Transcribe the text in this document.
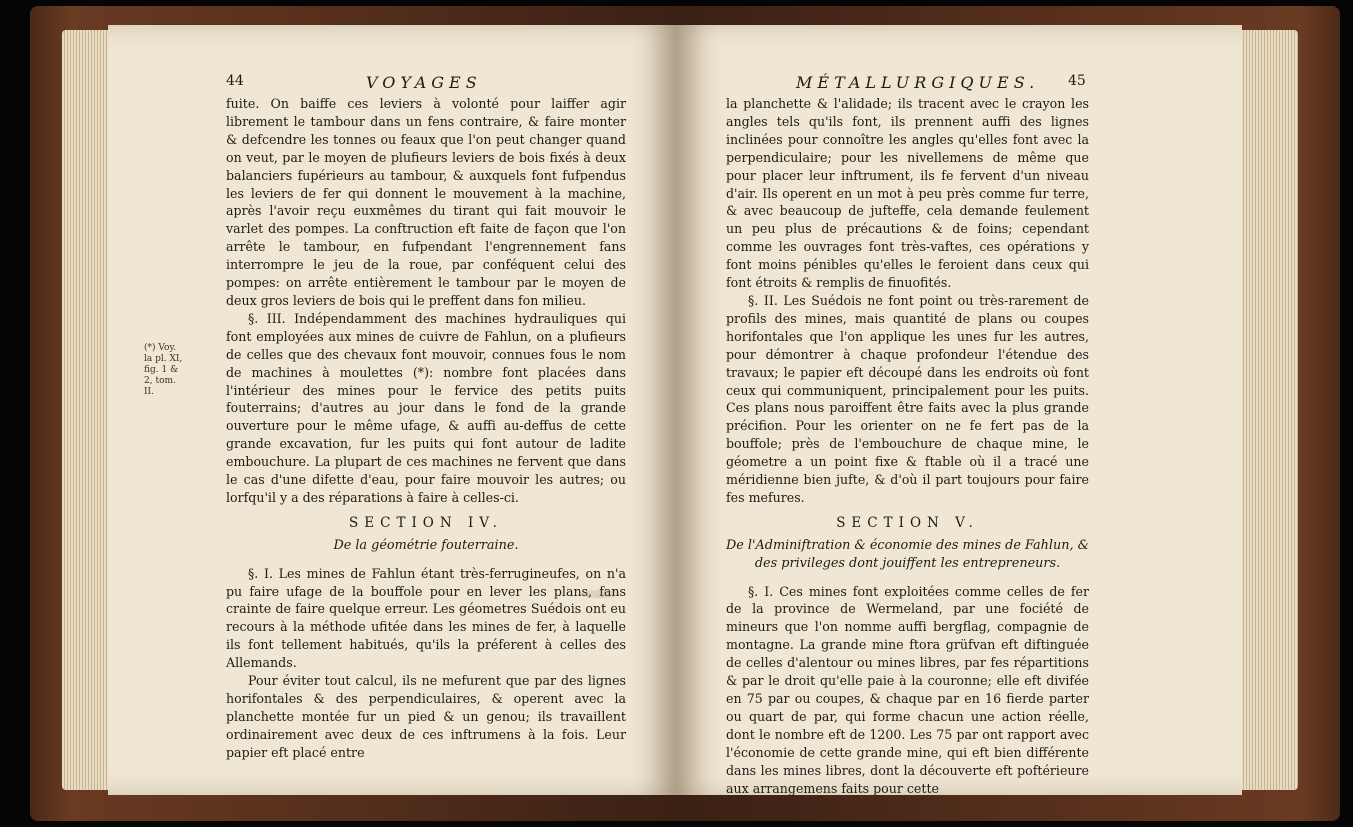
44	VOYAGES

fuite. On baiffe ces leviers à volonté pour laiffer agir librement le tambour dans un fens contraire, & faire monter & defcendre les tonnes ou feaux que l'on peut changer quand on veut, par le moyen de plufieurs leviers de bois fixés à deux balanciers fupérieurs au tambour, & auxquels font fufpendus les leviers de fer qui donnent le mouvement à la machine, après l'avoir reçu euxmêmes du tirant qui fait mouvoir le varlet des pompes. La conftruction eft faite de façon que l'on arrête le tambour, en fufpendant l'engrennement fans interrompre le jeu de la roue, par conféquent celui des pompes: on arrête entièrement le tambour par le moyen de deux gros leviers de bois qui le preffent dans fon milieu.

§. III. Indépendamment des machines hydrauliques qui font employées aux mines de cuivre de Fahlun, on a plufieurs de celles que des chevaux font mouvoir, connues fous le nom de machines à moulettes (*): nombre font placées dans l'intérieur des mines pour le fervice des petits puits fouterrains; d'autres au jour dans le fond de la grande ouverture pour le même ufage, & auffi au-deffus de cette grande excavation, fur les puits qui font autour de ladite embouchure. La plupart de ces machines ne fervent que dans le cas d'une difette d'eau, pour faire mouvoir les autres; ou lorfqu'il y a des réparations à faire à celles-ci.

SECTION IV.
De la géométrie fouterraine.

§. I. Les mines de Fahlun étant très-ferrugineufes, on n'a pu faire ufage de la bouffole pour en lever les plans, fans crainte de faire quelque erreur. Les géometres Suédois ont eu recours à la méthode ufitée dans les mines de fer, à laquelle ils font tellement habitués, qu'ils la préferent à celles des Allemands.

Pour éviter tout calcul, ils ne mefurent que par des lignes horifontales & des perpendiculaires, & operent avec la planchette montée fur un pied & un genou; ils travaillent ordinairement avec deux de ces inftrumens à la fois. Leur papier eft placé entre

(*) Voy. la pl. XI, fig. 1 & 2, tom. II.
MÉTALLURGIQUES. 45

la planchette & l'alidade; ils tracent avec le crayon les angles tels qu'ils font, ils prennent auffi des lignes inclinées pour connoître les angles qu'elles font avec la perpendiculaire; pour les nivellemens de même que pour placer leur inftrument, ils fe fervent d'un niveau d'air. Ils operent en un mot à peu près comme fur terre, & avec beaucoup de jufteffe, cela demande feulement un peu plus de précautions & de foins; cependant comme les ouvrages font très-vaftes, ces opérations y font moins pénibles qu'elles le feroient dans ceux qui font étroits & remplis de finuofités.

§. II. Les Suédois ne font point ou très-rarement de profils des mines, mais quantité de plans ou coupes horifontales que l'on applique les unes fur les autres, pour démontrer à chaque profondeur l'étendue des travaux; le papier eft découpé dans les endroits où font ceux qui communiquent, principalement pour les puits. Ces plans nous paroiffent être faits avec la plus grande précifion. Pour les orienter on ne fe fert pas de la bouffole; près de l'embouchure de chaque mine, le géometre a un point fixe & ftable où il a tracé une méridienne bien jufte, & d'où il part toujours pour faire fes mefures.

SECTION V.
De l'Adminiftration & économie des mines de Fahlun, & des privileges dont jouiffent les entrepreneurs.

§. I. Ces mines font exploitées comme celles de fer de la province de Wermeland, par une fociété de mineurs que l'on nomme auffi bergflag, compagnie de montagne. La grande mine ftora grüfvan eft diftinguée de celles d'alentour ou mines libres, par fes répartitions & par le droit qu'elle paie à la couronne; elle eft divifée en 75 par ou coupes, & chaque par en 16 fierde parter ou quart de par, qui forme chacun une action réelle, dont le nombre eft de 1200. Les 75 par ont rapport avec l'économie de cette grande mine, qui eft bien différente dans les mines libres, dont la découverte eft poftérieure aux arrangemens faits pour cette
